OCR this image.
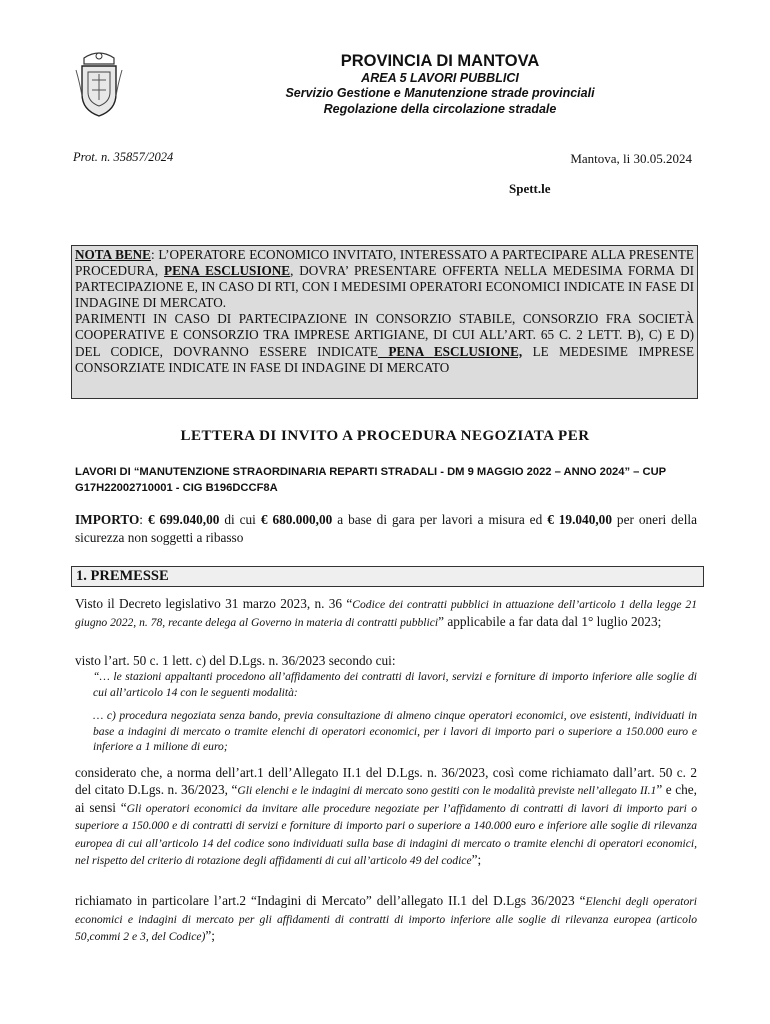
PROVINCIA DI MANTOVA
AREA 5 LAVORI PUBBLICI
Servizio Gestione e Manutenzione strade provinciali
Regolazione della circolazione stradale
Prot. n. 35857/2024	Mantova, li 30.05.2024
Spett.le

NOTA BENE: L’OPERATORE ECONOMICO INVITATO, INTERESSATO A PARTECIPARE ALLA PRESENTE PROCEDURA, PENA ESCLUSIONE, DOVRA’ PRESENTARE OFFERTA NELLA MEDESIMA FORMA DI PARTECIPAZIONE E, IN CASO DI RTI, CON I MEDESIMI OPERATORI ECONOMICI INDICATE IN FASE DI INDAGINE DI MERCATO.

PARIMENTI IN CASO DI PARTECIPAZIONE IN CONSORZIO STABILE, CONSORZIO FRA SOCIETÀ COOPERATIVE E CONSORZIO TRA IMPRESE ARTIGIANE, DI CUI ALL’ART. 65 C. 2 LETT. B), C) E D) DEL CODICE, DOVRANNO ESSERE INDICATE PENA ESCLUSIONE, LE MEDESIME IMPRESE CONSORZIATE INDICATE IN FASE DI INDAGINE DI MERCATO

LETTERA DI INVITO A PROCEDURA NEGOZIATA PER
LAVORI DI “MANUTENZIONE STRAORDINARIA REPARTI STRADALI - DM 9 MAGGIO 2022 – ANNO 2024” – CUP G17H22002710001 - CIG B196DCCF8A
IMPORTO: € 699.040,00 di cui € 680.000,00 a base di gara per lavori a misura ed € 19.040,00 per oneri della sicurezza non soggetti a ribasso
1. PREMESSE
Visto il Decreto legislativo 31 marzo 2023, n. 36 “Codice dei contratti pubblici in attuazione dell’articolo 1 della legge 21 giugno 2022, n. 78, recante delega al Governo in materia di contratti pubblici” applicabile a far data dal 1° luglio 2023;
visto l’art. 50 c. 1 lett. c) del D.Lgs. n. 36/2023 secondo cui:
“… le stazioni appaltanti procedono all’affidamento dei contratti di lavori, servizi e forniture di importo inferiore alle soglie di cui all’articolo 14 con le seguenti modalità:
… c) procedura negoziata senza bando, previa consultazione di almeno cinque operatori economici, ove esistenti, individuati in base a indagini di mercato o tramite elenchi di operatori economici, per i lavori di importo pari o superiore a 150.000 euro e inferiore a 1 milione di euro;
considerato che, a norma dell’art.1 dell’Allegato II.1 del D.Lgs. n. 36/2023, così come richiamato dall’art. 50 c. 2 del citato D.Lgs. n. 36/2023, “Gli elenchi e le indagini di mercato sono gestiti con le modalità previste nell’allegato II.1” e che, ai sensi “Gli operatori economici da invitare alle procedure negoziate per l’affidamento di contratti di lavori di importo pari o superiore a 150.000 e di contratti di servizi e forniture di importo pari o superiore a 140.000 euro e inferiore alle soglie di rilevanza europea di cui all’articolo 14 del codice sono individuati sulla base di indagini di mercato o tramite elenchi di operatori economici, nel rispetto del criterio di rotazione degli affidamenti di cui all’articolo 49 del codice”;
richiamato in particolare l’art.2 “Indagini di Mercato” dell’allegato II.1 del D.Lgs 36/2023 “Elenchi degli operatori economici e indagini di mercato per gli affidamenti di contratti di importo inferiore alle soglie di rilevanza europea (articolo 50,commi 2 e 3, del Codice)”;
